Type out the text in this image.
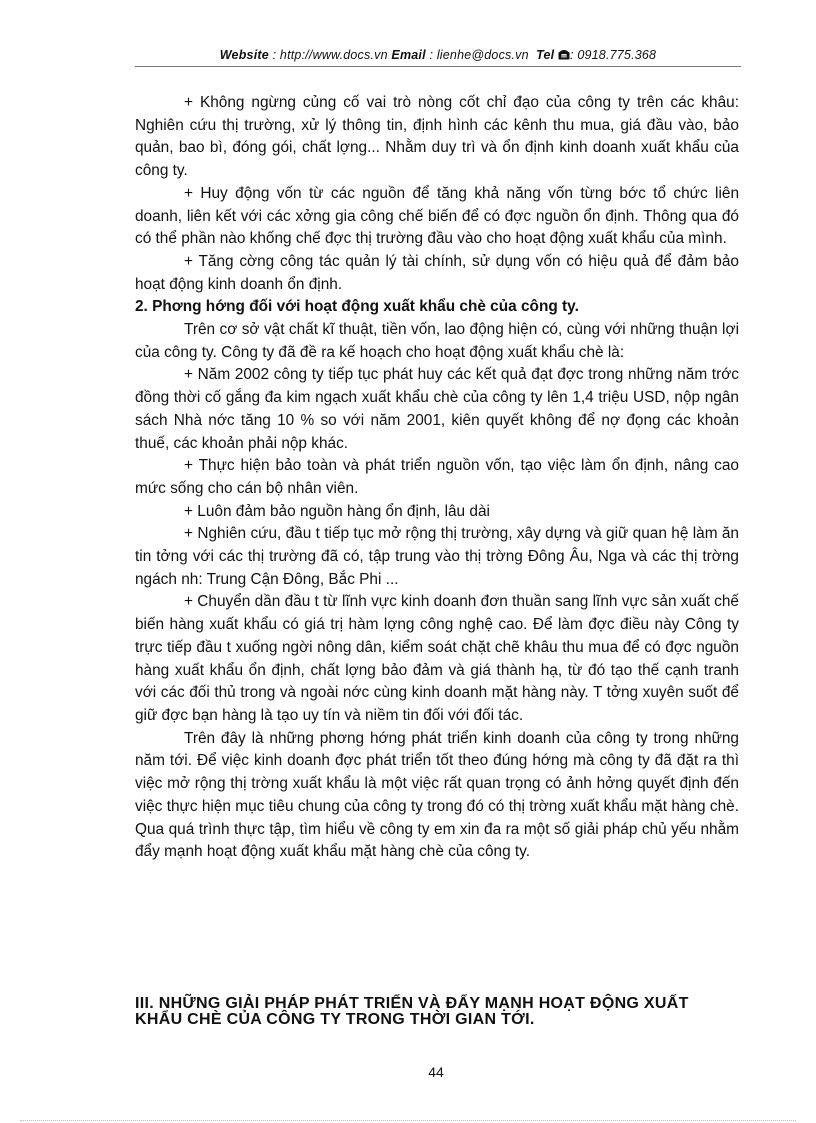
Website : http://www.docs.vn Email : lienhe@docs.vn Tel : 0918.775.368

+ Không ngừng củng cố vai trò nòng cốt chỉ đạo của công ty trên các khâu: Nghiên cứu thị trường, xử lý thông tin, định hình các kênh thu mua, giá đầu vào, bảo quản, bao bì, đóng gói, chất lợng... Nhằm duy trì và ổn định kinh doanh xuất khẩu của công ty.

+ Huy động vốn từ các nguồn để tăng khả năng vốn từng bớc tổ chức liên doanh, liên kết với các xởng gia công chế biến để có đợc nguồn ổn định. Thông qua đó có thể phần nào khống chế đợc thị trường đầu vào cho hoạt động xuất khẩu của mình.

+ Tăng cờng công tác quản lý tài chính, sử dụng vốn có hiệu quả để đảm bảo hoạt động kinh doanh ổn định.

2. Phơng hớng đối với hoạt động xuất khẩu chè của công ty.

Trên cơ sở vật chất kĩ thuật, tiền vốn, lao động hiện có, cùng với những thuận lợi của công ty. Công ty đã đề ra kế hoạch cho hoạt động xuất khẩu chè là:

+ Năm 2002 công ty tiếp tục phát huy các kết quả đạt đợc trong những năm trớc đồng thời cố gắng đa kim ngạch xuất khẩu chè của công ty lên 1,4 triệu USD, nộp ngân sách Nhà nớc tăng 10 % so với năm 2001, kiên quyết không để nợ đọng các khoản thuế, các khoản phải nộp khác.

+ Thực hiện bảo toàn và phát triển nguồn vốn, tạo việc làm ổn định, nâng cao mức sống cho cán bộ nhân viên.

+ Luôn đảm bảo nguồn hàng ổn định, lâu dài

+ Nghiên cứu, đầu t tiếp tục mở rộng thị trường, xây dựng và giữ quan hệ làm ăn tin tởng với các thị trường đã có, tập trung vào thị trờng Đông Âu, Nga và các thị trờng ngách nh: Trung Cận Đông, Bắc Phi ...

+ Chuyển dần đầu t từ lĩnh vực kinh doanh đơn thuần sang lĩnh vực sản xuất chế biến hàng xuất khẩu có giá trị hàm lợng công nghệ cao. Để làm đợc điều này Công ty trực tiếp đầu t xuống ngời nông dân, kiểm soát chặt chẽ khâu thu mua để có đợc nguồn hàng xuất khẩu ổn định, chất lợng bảo đảm và giá thành hạ, từ đó tạo thế cạnh tranh với các đối thủ trong và ngoài nớc cùng kinh doanh mặt hàng này. T tởng xuyên suốt để giữ đợc bạn hàng là tạo uy tín và niềm tin đối với đối tác.

Trên đây là những phơng hớng phát triển kinh doanh của công ty trong những năm tới. Để việc kinh doanh đợc phát triển tốt theo đúng hớng mà công ty đã đặt ra thì việc mở rộng thị trờng xuất khẩu là một việc rất quan trọng có ảnh hởng quyết định đến việc thực hiện mục tiêu chung của công ty trong đó có thị trờng xuất khẩu mặt hàng chè. Qua quá trình thực tập, tìm hiểu về công ty em xin đa ra một số giải pháp chủ yếu nhằm đẩy mạnh hoạt động xuất khẩu mặt hàng chè của công ty.

III. NHỮNG GIẢI PHÁP PHÁT TRIỂN VÀ ĐẨY MẠNH HOẠT ĐỘNG XUẤT KHẨU CHÈ CỦA CÔNG TY TRONG THỜI GIAN TỚI.
44
